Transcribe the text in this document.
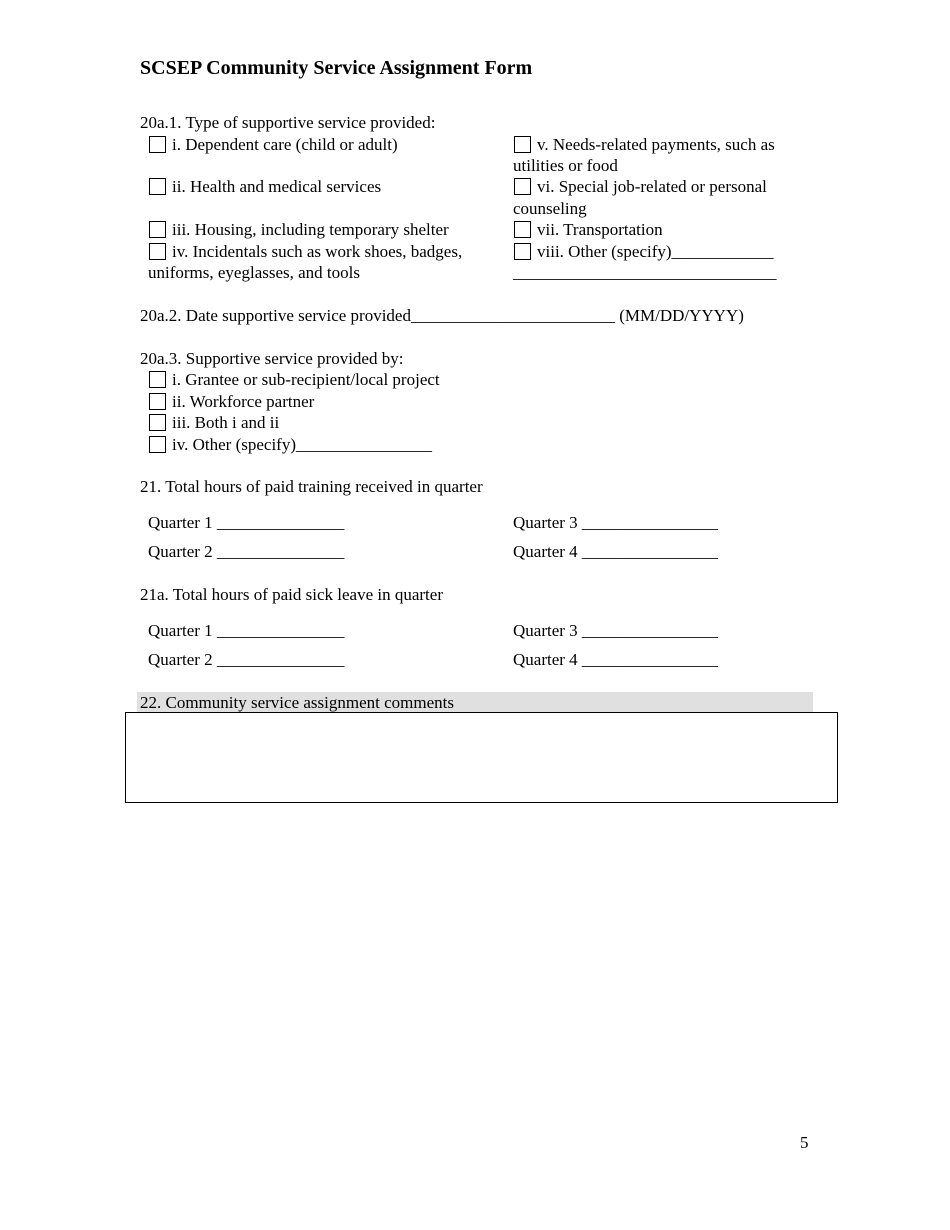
SCSEP Community Service Assignment Form
20a.1. Type of supportive service provided:
i. Dependent care (child or adult)
ii. Health and medical services
iii. Housing, including temporary shelter
iv. Incidentals such as work shoes, badges,
uniforms, eyeglasses, and tools
v. Needs-related payments, such as
utilities or food
vi. Special job-related or personal
counseling
vii. Transportation
viii. Other (specify)____________
_______________________________
20a.2. Date supportive service provided________________________ (MM/DD/YYYY)
20a.3. Supportive service provided by:
i. Grantee or sub-recipient/local project
ii. Workforce partner
iii. Both i and ii
iv. Other (specify)________________
21. Total hours of paid training received in quarter
Quarter 1 _______________
Quarter 2 _______________
Quarter 3 ________________
Quarter 4 ________________
21a. Total hours of paid sick leave in quarter
Quarter 1 _______________
Quarter 2 _______________
Quarter 3 ________________
Quarter 4 ________________
22. Community service assignment comments
5
